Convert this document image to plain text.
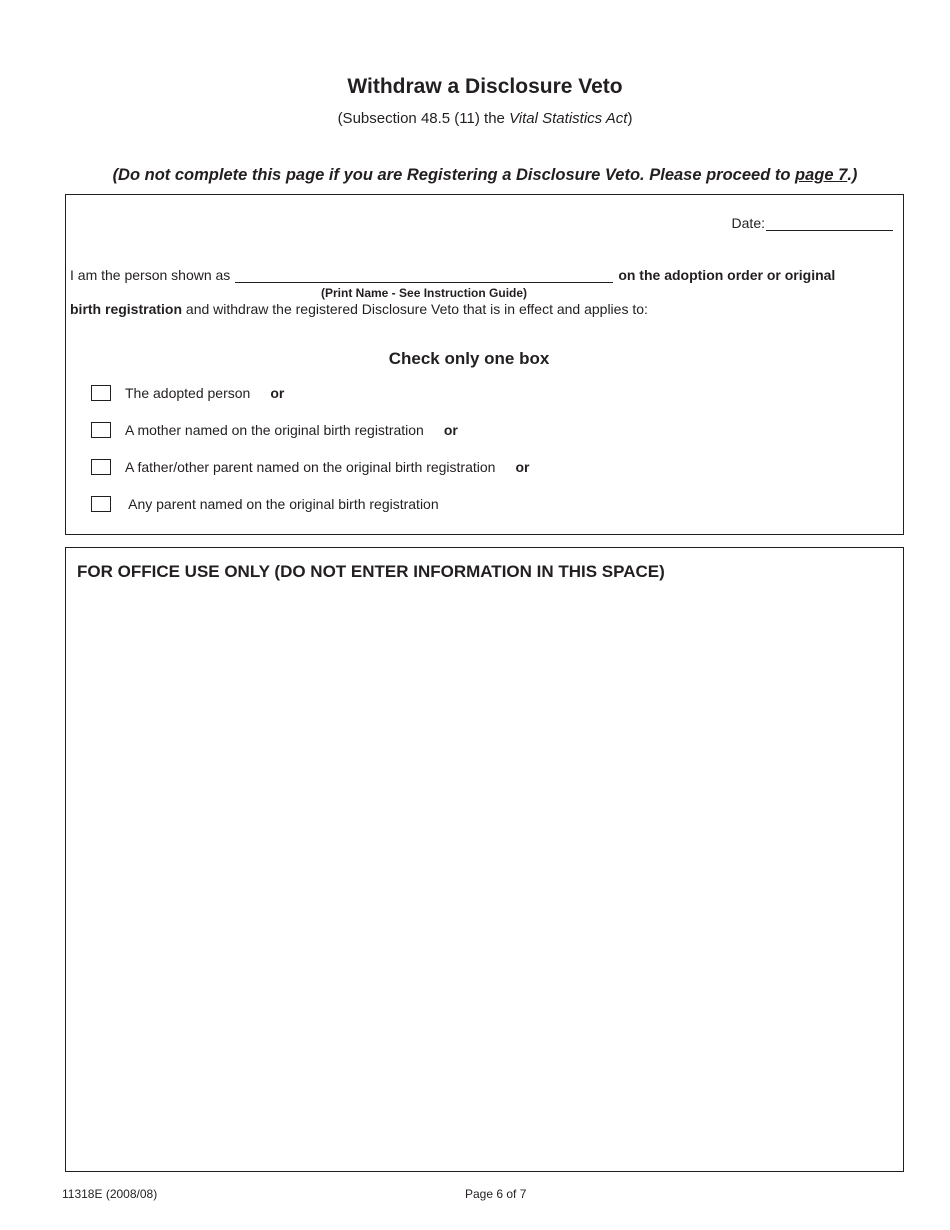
Withdraw a Disclosure Veto
(Subsection 48.5 (11) the Vital Statistics Act)
(Do not complete this page if you are Registering a Disclosure Veto. Please proceed to page 7.)
Date:
I am the person shown as	on the adoption order or original
(Print Name - See Instruction Guide)
birth registration and withdraw the registered Disclosure Veto that is in effect and applies to:
Check only one box
The adopted person or
A mother named on the original birth registration or
A father/other parent named on the original birth registration or
Any parent named on the original birth registration
FOR OFFICE USE ONLY (DO NOT ENTER INFORMATION IN THIS SPACE)
11318E (2008/08)	Page 6 of 7
